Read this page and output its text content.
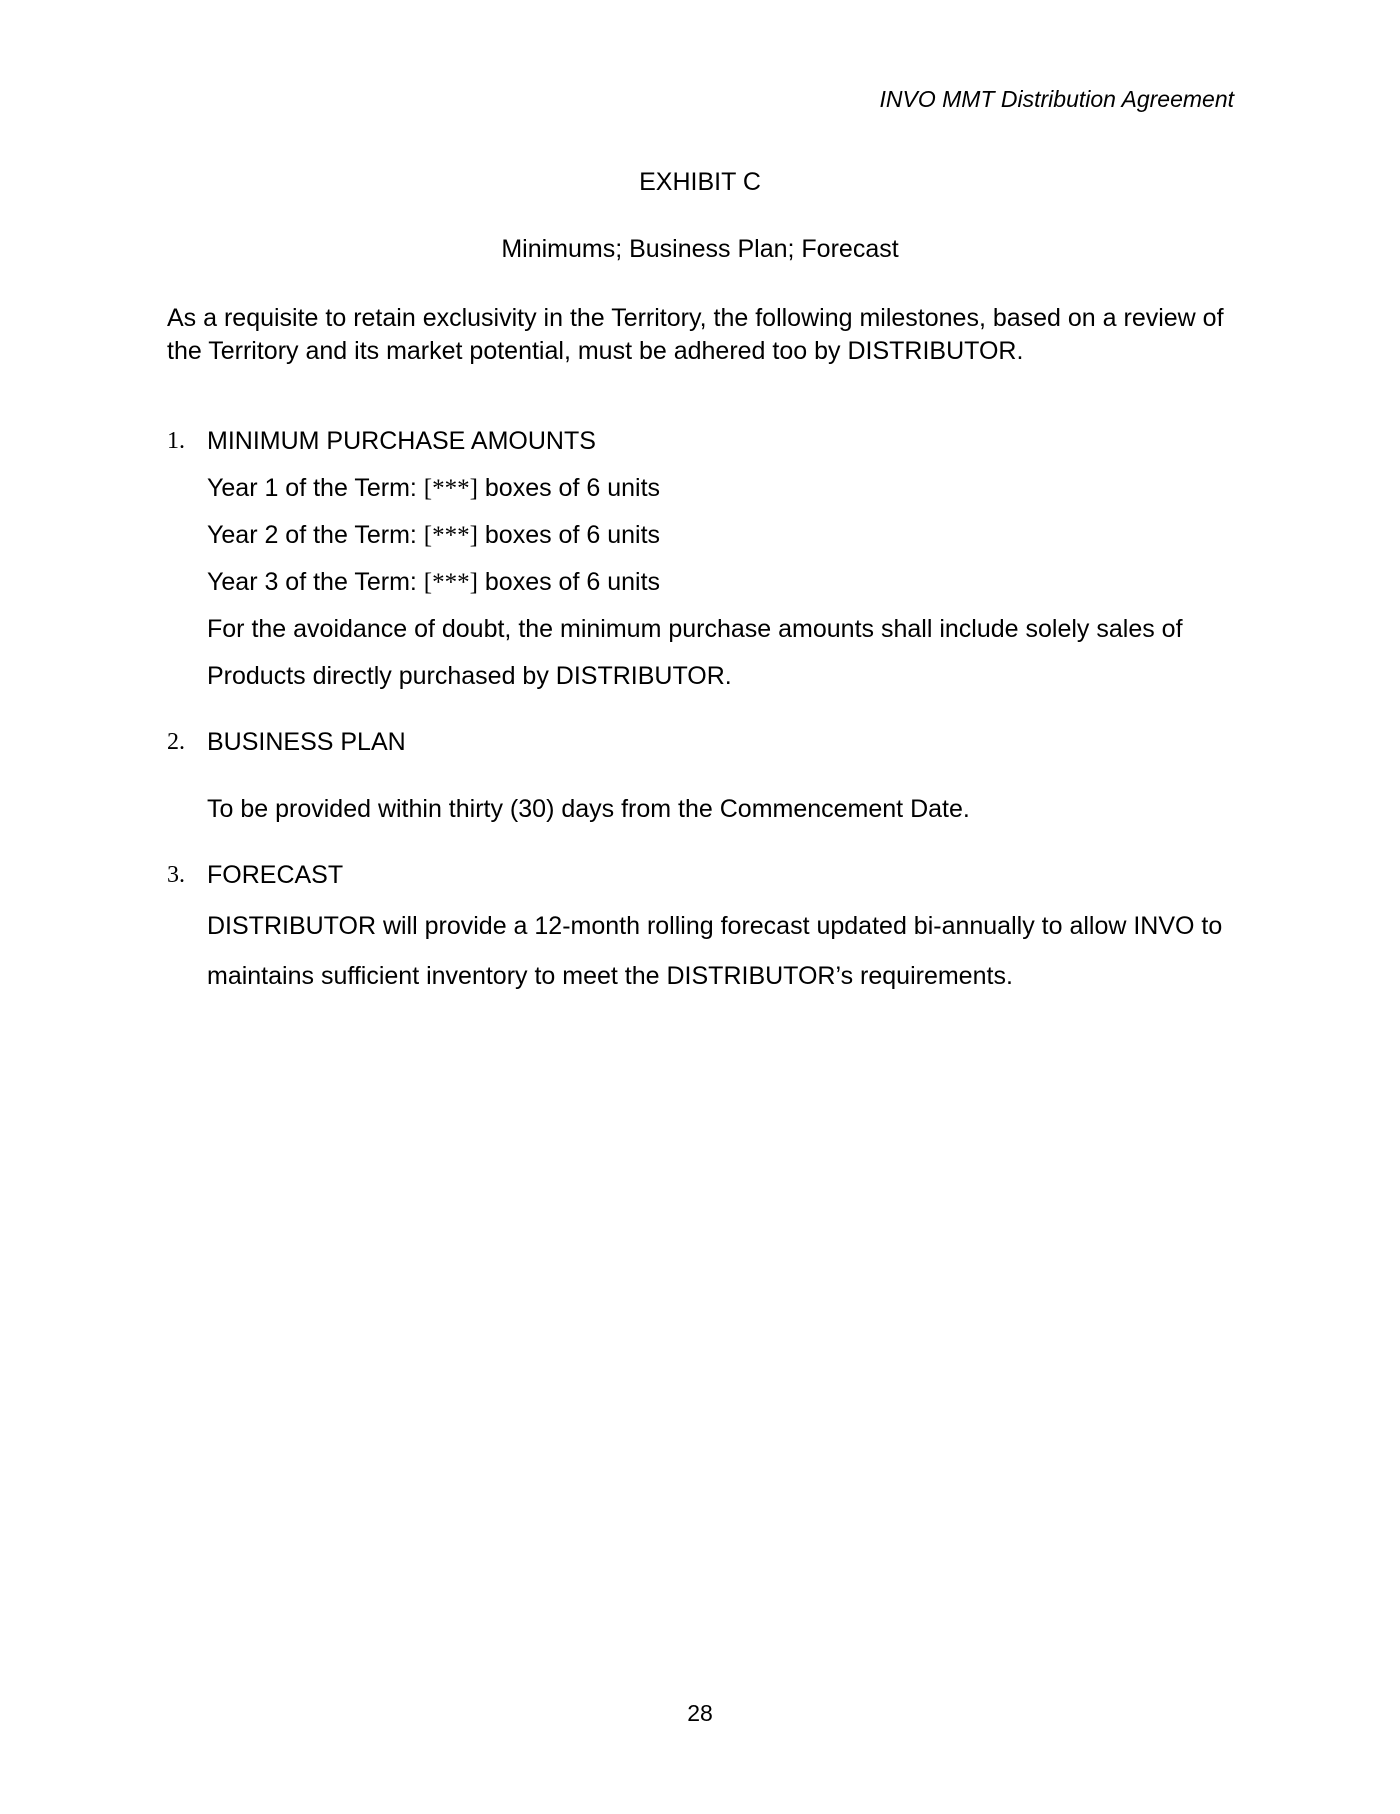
INVO MMT Distribution Agreement
EXHIBIT C
Minimums; Business Plan; Forecast
As a requisite to retain exclusivity in the Territory, the following milestones, based on a review of the Territory and its market potential, must be adhered too by DISTRIBUTOR.
1. MINIMUM PURCHASE AMOUNTS
Year 1 of the Term: [***] boxes of 6 units
Year 2 of the Term: [***] boxes of 6 units
Year 3 of the Term: [***] boxes of 6 units
For the avoidance of doubt, the minimum purchase amounts shall include solely sales of
Products directly purchased by DISTRIBUTOR.
2. BUSINESS PLAN
To be provided within thirty (30) days from the Commencement Date.
3. FORECAST
DISTRIBUTOR will provide a 12-month rolling forecast updated bi-annually to allow INVO to
maintains sufficient inventory to meet the DISTRIBUTOR’s requirements.
28
